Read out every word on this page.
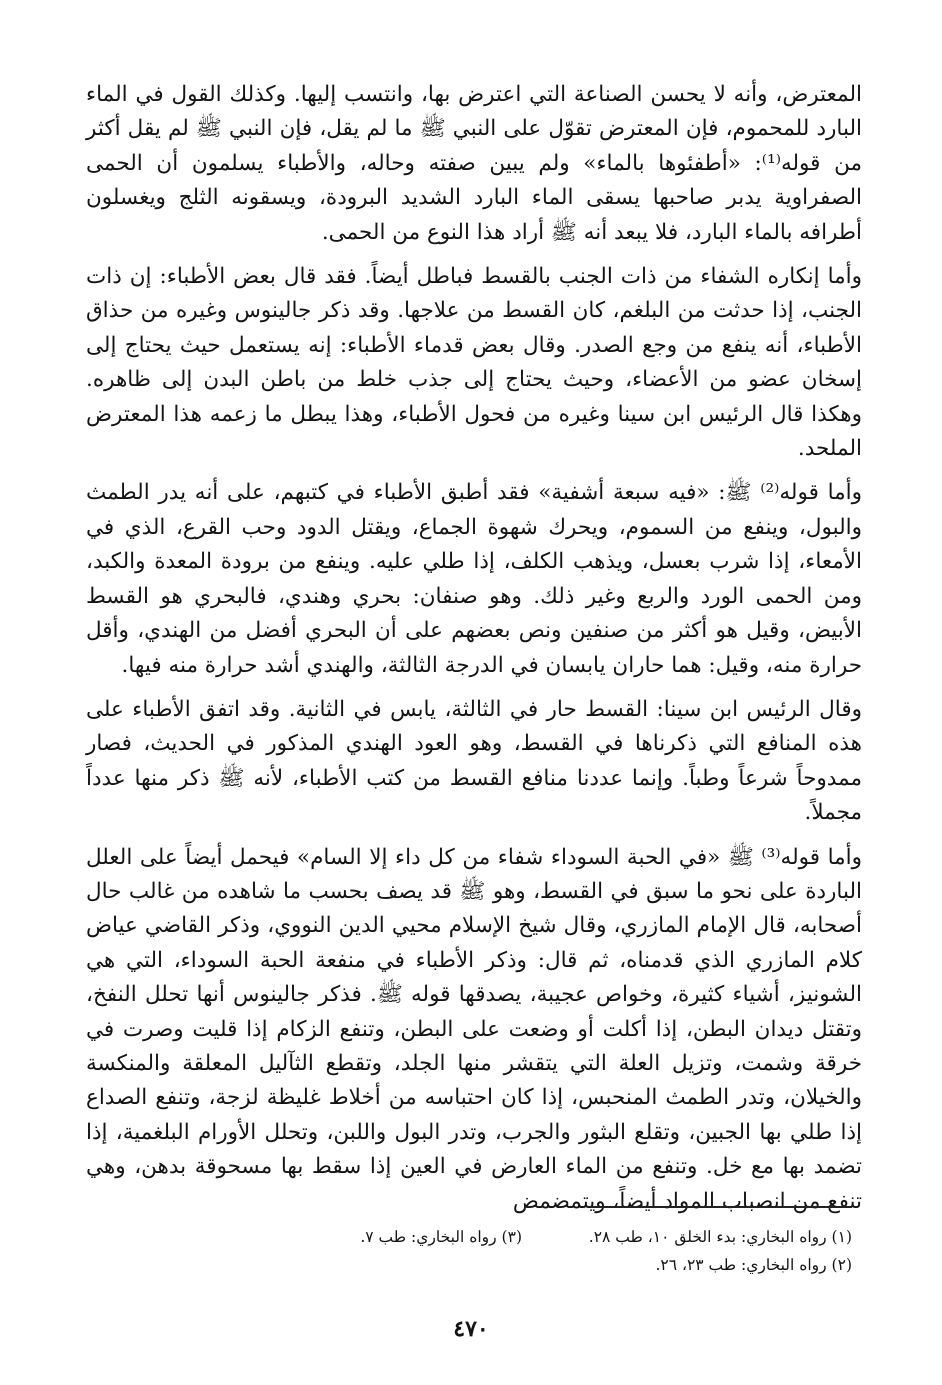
المعترض، وأنه لا يحسن الصناعة التي اعترض بها، وانتسب إليها. وكذلك القول في الماء البارد للمحموم، فإن المعترض تقوّل على النبي ﷺ ما لم يقل، فإن النبي ﷺ لم يقل أكثر من قوله⁽¹⁾: «أطفئوها بالماء» ولم يبين صفته وحاله، والأطباء يسلمون أن الحمى الصفراوية يدبر صاحبها يسقى الماء البارد الشديد البرودة، ويسقونه الثلج ويغسلون أطرافه بالماء البارد، فلا يبعد أنه ﷺ أراد هذا النوع من الحمى.

وأما إنكاره الشفاء من ذات الجنب بالقسط فباطل أيضاً. فقد قال بعض الأطباء: إن ذات الجنب، إذا حدثت من البلغم، كان القسط من علاجها. وقد ذكر جالينوس وغيره من حذاق الأطباء، أنه ينفع من وجع الصدر. وقال بعض قدماء الأطباء: إنه يستعمل حيث يحتاج إلى إسخان عضو من الأعضاء، وحيث يحتاج إلى جذب خلط من باطن البدن إلى ظاهره. وهكذا قال الرئيس ابن سينا وغيره من فحول الأطباء، وهذا يبطل ما زعمه هذا المعترض الملحد.

وأما قوله⁽²⁾ ﷺ: «فيه سبعة أشفية» فقد أطبق الأطباء في كتبهم، على أنه يدر الطمث والبول، وينفع من السموم، ويحرك شهوة الجماع، ويقتل الدود وحب القرع، الذي في الأمعاء، إذا شرب بعسل، ويذهب الكلف، إذا طلي عليه. وينفع من برودة المعدة والكبد، ومن الحمى الورد والربع وغير ذلك. وهو صنفان: بحري وهندي، فالبحري هو القسط الأبيض، وقيل هو أكثر من صنفين ونص بعضهم على أن البحري أفضل من الهندي، وأقل حرارة منه، وقيل: هما حاران يابسان في الدرجة الثالثة، والهندي أشد حرارة منه فيها.

وقال الرئيس ابن سينا: القسط حار في الثالثة، يابس في الثانية. وقد اتفق الأطباء على هذه المنافع التي ذكرناها في القسط، وهو العود الهندي المذكور في الحديث، فصار ممدوحاً شرعاً وطباً. وإنما عددنا منافع القسط من كتب الأطباء، لأنه ﷺ ذكر منها عدداً مجملاً.

وأما قوله⁽³⁾ ﷺ «في الحبة السوداء شفاء من كل داء إلا السام» فيحمل أيضاً على العلل الباردة على نحو ما سبق في القسط، وهو ﷺ قد يصف بحسب ما شاهده من غالب حال أصحابه، قال الإمام المازري، وقال شيخ الإسلام محيي الدين النووي، وذكر القاضي عياض كلام المازري الذي قدمناه، ثم قال: وذكر الأطباء في منفعة الحبة السوداء، التي هي الشونيز، أشياء كثيرة، وخواص عجيبة، يصدقها قوله ﷺ. فذكر جالينوس أنها تحلل النفخ، وتقتل ديدان البطن، إذا أكلت أو وضعت على البطن، وتنفع الزكام إذا قليت وصرت في خرقة وشمت، وتزيل العلة التي يتقشر منها الجلد، وتقطع الثآليل المعلقة والمنكسة والخيلان، وتدر الطمث المنحبس، إذا كان احتباسه من أخلاط غليظة لزجة، وتنفع الصداع إذا طلي بها الجبين، وتقلع البثور والجرب، وتدر البول واللبن، وتحلل الأورام البلغمية، إذا تضمد بها مع خل. وتنفع من الماء العارض في العين إذا سقط بها مسحوقة بدهن، وهي تنفع من انصباب المواد أيضاً، ويتمضمض

(١) رواه البخاري: بدء الخلق ١٠، طب ٢٨.
(٣) رواه البخاري: طب ٧.
(٢) رواه البخاري: طب ٢٣، ٢٦.
٤٧٠
